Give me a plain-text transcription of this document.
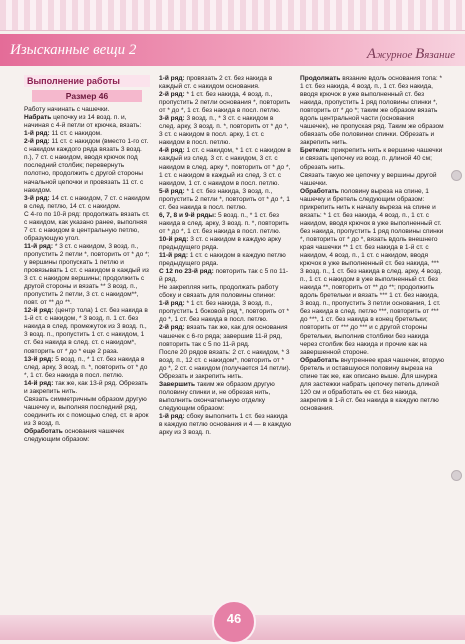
Изысканные вещи 2	Ажурное Вязание
Выполнение работы
Размер 46

Работу начинать с чашечки.

Набрать цепочку из 14 возд. п. и, начиная с 4-й петли от крючка, вязать:

1-й ряд: 11 ст. с накидом.

2-й ряд: 11 ст. с накидом (вместо 1-го ст. с накидом каждого ряда вязать 3 возд. п.), 7 ст. с накидом, вводя крючок под последний столбик; перевернуть полотно, продолжить с другой стороны начальной цепочки и провязать 11 ст. с накидом.

3-й ряд: 14 ст. с накидом, 7 ст. с накидом в след. петлю, 14 ст. с накидом.

С 4-го по 10-й ряд: продолжать вязать ст. с накидом, как указано ранее, выполняя 7 ст. с накидом в центральную петлю, образующую угол.

11-й ряд: * 3 ст. с накидом, 3 возд. п., пропустить 2 петли *, повторить от * до *; у вершины пропускать 1 петлю и провязывать 1 ст. с накидом в каждый из 3 ст. с накидом вершины; продолжить с другой стороны и вязать ** 3 возд. п., пропустить 2 петли, 3 ст. с накидом**, повт. от ** до **.

12-й ряд: (центр тола) 1 ст. без накида в 1-й ст. с накидом, * 3 возд. п. 1 ст. без накида в след. промежуток из 3 возд. п., 3 возд. п., пропустить 1 ст. с накидом, 1 ст. без накида в след. ст. с накидом*, повторить от * до * еще 2 раза.

13-й ряд: 5 возд. п., * 1 ст. без накида в след. арку, 3 возд. п. *, повторить от * до *, 1 ст. без накида в посл. петлю.

14-й ряд: так же, как 13-й ряд. Обрезать и закрепить нить.

Связать симметричным образом другую чашечку и, выполняя последний ряд, соединить их с помощью след. ст. в арок из 3 возд. п.

Обработать основания чашечек следующим образом:

1-й ряд: провязать 2 ст. без накида в каждый ст. с накидом основания.

2-й ряд: * 1 ст. без накида, 4 возд. п., пропустить 2 петли основания *, повторить от * до *, 1 ст. без накида в посл. петлю.

3-й ряд: 3 возд. п., * 3 ст. с накидом в след. арку, 3 возд. п. *, повторить от * до *, 3 ст. с накидом в посл. арку, 1 ст. с накидом в посл. петлю.

4-й ряд: 1 ст. с накидом, * 1 ст. с накидом в каждый из след. 3 ст. с накидом, 3 ст. с накидом в след. арку *, повторить от * до *, 1 ст. с накидом в каждый из след. 3 ст. с накидом, 1 ст. с накидом в посл. петлю.

5-й ряд: * 1 ст. без накида, 3 возд. п., пропустить 2 петли *, повторить от * до *, 1 ст. без накида в посл. петлю.

6, 7, 8 и 9-й ряды: 5 возд. п., * 1 ст. без накида в след. арку, 3 возд. п. *, повторить от * до *, 1 ст. без накида в посл. петлю.

10-й ряд: 3 ст. с накидом в каждую арку предыдущего ряда.

11-й ряд: 1 ст. с накидом в каждую петлю предыдущего ряда.

С 12 по 23-й ряд: повторить так с 5 по 11-й ряд.

Не закрепляя нить, продолжать работу сбоку и связать для половины спинки:

1-й ряд: * 1 ст. без накида, 3 возд. п., пропустить 1 боковой ряд *, повторить от * до *, 1 ст. без накида в посл. петлю.

2-й ряд: вязать так же, как для основания чашечек с 6-го ряда; завершив 11-й ряд, повторить так с 5 по 11-й ряд.

После 20 рядов вязать: 2 ст. с накидом, * 3 возд. п., 12 ст. с накидом*, повторить от * до *, 2 ст. с накидом (получается 14 петли). Обрезать и закрепить нить.

Завершить таким же образом другую половину спинки и, не обрезая нить, выполнить окончательную отделку следующим образом:

1-й ряд: сбоку выполнить 1 ст. без накида в каждую петлю основания и 4 — в каждую арку из 3 возд. п.

Продолжать вязание вдоль основания топа: * 1 ст. без накида, 4 возд. п., 1 ст. без накида, вводя крючок в уже выполненный ст. без накида, пропустить 1 ряд половины спинки *, повторить от * до *; таким же образом вязать вдоль центральной части (основания чашечек), не пропуская ряд. Таким же образом обвязать обе половинки спинки. Обрезать и закрепить нить.

Бретели: прикрепить нить к вершине чашечки и связать цепочку из возд. п. длиной 40 см; обрезать нить.

Связать такую же цепочку у вершины другой чашечки.

Обработать половину выреза на спине, 1 чашечку и бретель следующим образом: прикрепить нить к началу выреза на спине и вязать: * 1 ст. без накида, 4 возд. п., 1 ст. с накидом, вводя крючок в уже выполненный ст. без накида, пропустить 1 ряд половины спинки *, повторить от * до *, вязать вдоль внешнего края чашечки ** 1 ст. без накида в 1-й ст. с накидом, 4 возд. п., 1 ст. с накидом, вводя крючок в уже выполненный ст. без накида, *** 3 возд. п., 1 ст. без накида в след. арку, 4 возд. п., 1 ст. с накидом в уже выполненный ст. без накида **, повторить от ** до **; продолжить вдоль бретельки и вязать *** 1 ст. без накида, 3 возд. п., пропустить 3 петли основания, 1 ст. без накида в след. петлю ***, повторить от *** до ***, 1 ст. без накида в конец бретельки; повторить от *** до *** и с другой стороны бретельки, выполнив столбики без накида через столбик без накида и прочие как на завершенной стороне.

Обработать внутреннее края чашечек, вторую бретель и оставшуюся половину выреза на спине так же, как описано выше. Для шнурка для застежки набрать цепочку петель длиной 120 см и обработать ее ст. без накида, закрепив в 1-й ст. без накида в каждую петлю основания.

46
